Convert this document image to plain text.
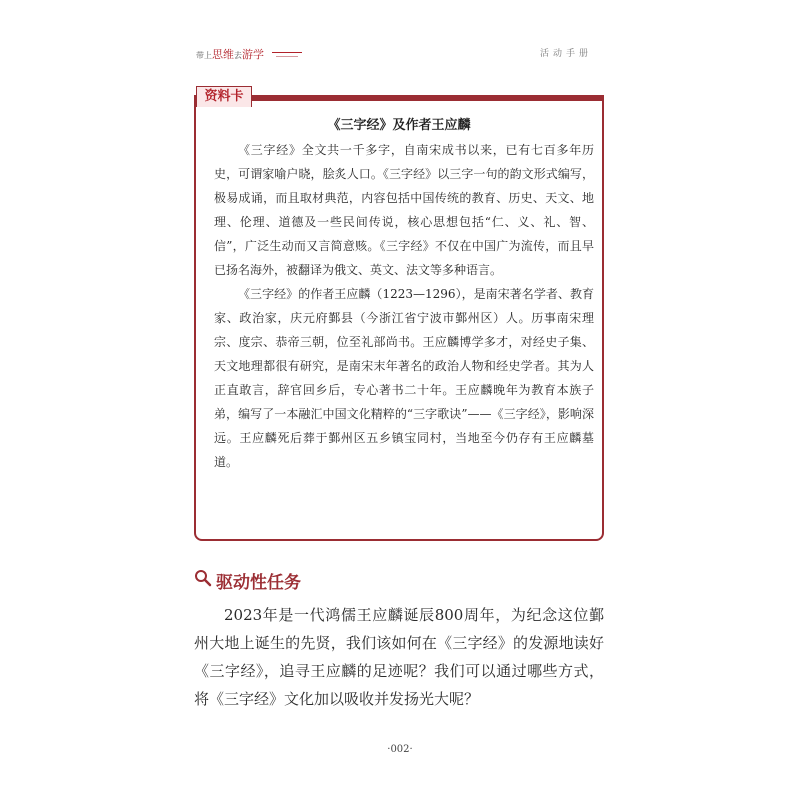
带上思维去游学	活动手册
资料卡
《三字经》及作者王应麟

《三字经》全文共一千多字，自南宋成书以来，已有七百多年历史，可谓家喻户晓，脍炙人口。《三字经》以三字一句的韵文形式编写，极易成诵，而且取材典范，内容包括中国传统的教育、历史、天文、地理、伦理、道德及一些民间传说，核心思想包括“仁、义、礼、智、信”，广泛生动而又言简意赅。《三字经》不仅在中国广为流传，而且早已扬名海外，被翻译为俄文、英文、法文等多种语言。

《三字经》的作者王应麟（1223—1296），是南宋著名学者、教育家、政治家，庆元府鄞县（今浙江省宁波市鄞州区）人。历事南宋理宗、度宗、恭帝三朝，位至礼部尚书。王应麟博学多才，对经史子集、天文地理都很有研究，是南宋末年著名的政治人物和经史学者。其为人正直敢言，辞官回乡后，专心著书二十年。王应麟晚年为教育本族子弟，编写了一本融汇中国文化精粹的“三字歌诀”——《三字经》，影响深远。王应麟死后葬于鄞州区五乡镇宝同村，当地至今仍存有王应麟墓道。

驱动性任务

2023年是一代鸿儒王应麟诞辰800周年，为纪念这位鄞州大地上诞生的先贤，我们该如何在《三字经》的发源地读好《三字经》，追寻王应麟的足迹呢？我们可以通过哪些方式，将《三字经》文化加以吸收并发扬光大呢？

·002·
